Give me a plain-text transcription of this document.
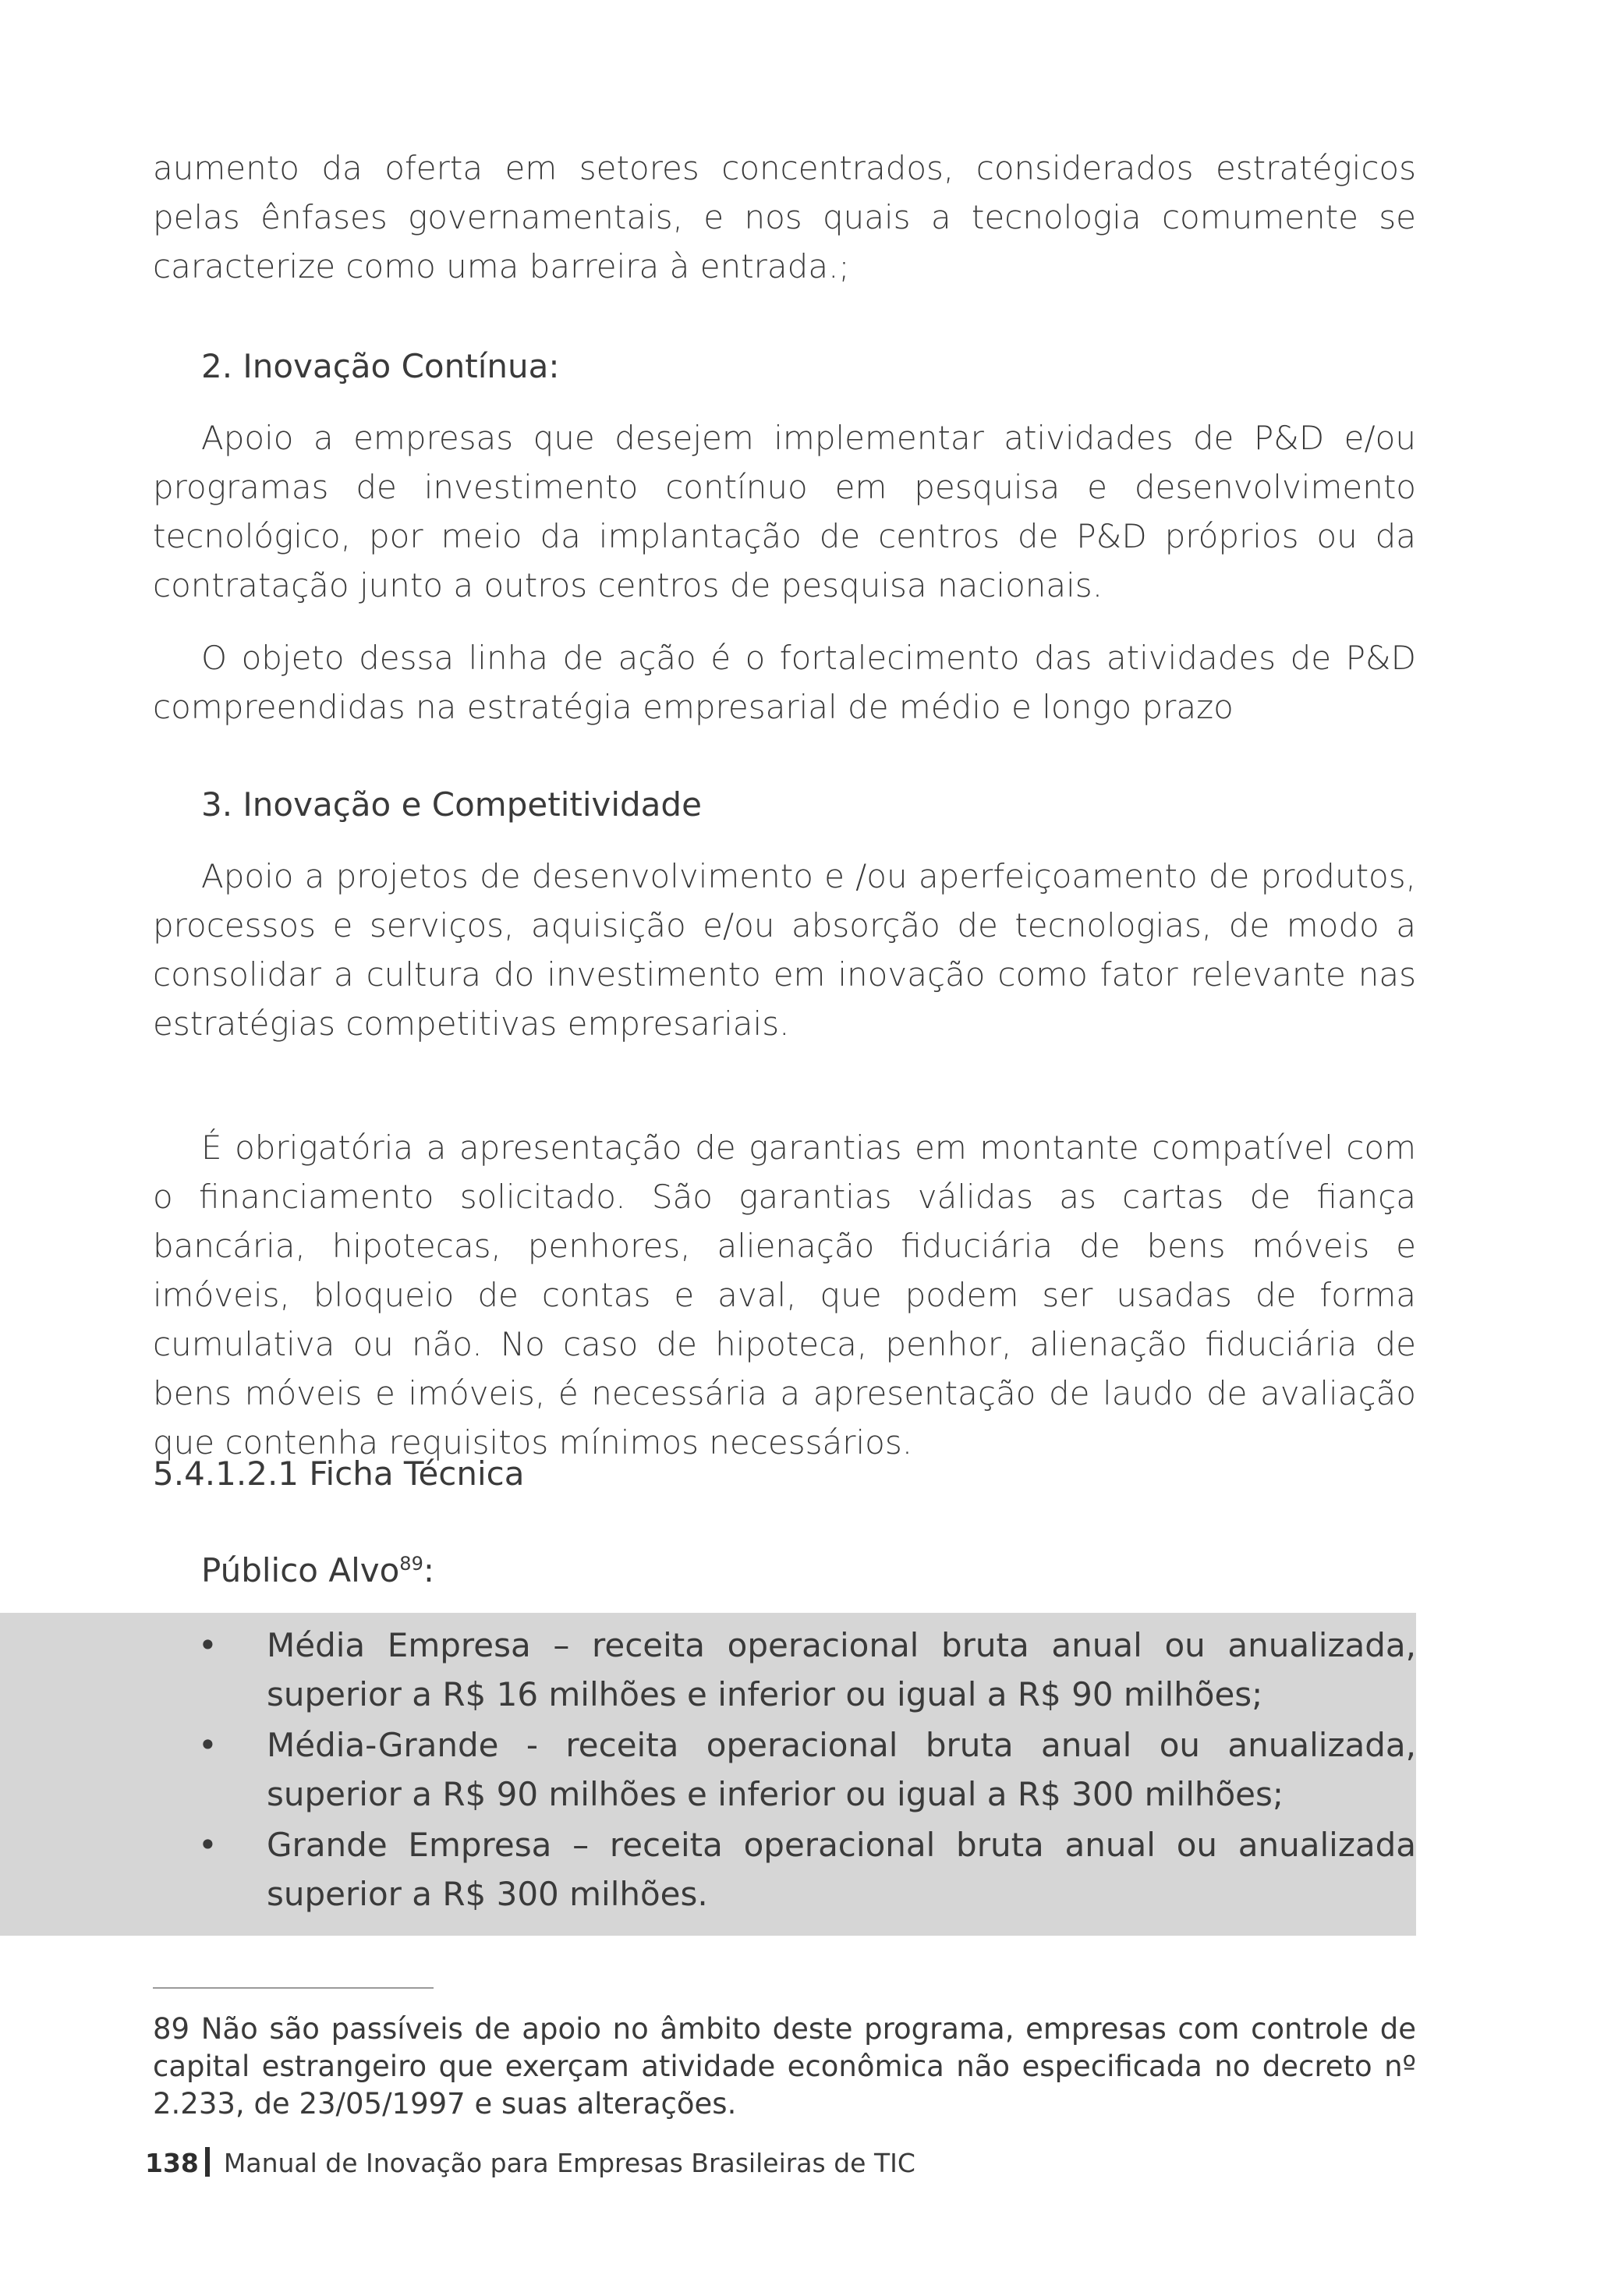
aumento da oferta em setores concentrados, considerados estratégicos pelas ênfases governamentais, e nos quais a tecnologia comumente se caracterize como uma barreira à entrada.;

2. Inovação Contínua:

Apoio a empresas que desejem implementar atividades de P&D e/ou programas de investimento contínuo em pesquisa e desenvolvimento tecnológico, por meio da implantação de centros de P&D próprios ou da contratação junto a outros centros de pesquisa nacionais.

O objeto dessa linha de ação é o fortalecimento das atividades de P&D compreendidas na estratégia empresarial de médio e longo prazo

3. Inovação e Competitividade

Apoio a projetos de desenvolvimento e /ou aperfeiçoamento de produtos, processos e serviços, aquisição e/ou absorção de tecnologias, de modo a consolidar a cultura do investimento em inovação como fator relevante nas estratégias competitivas empresariais.

É obrigatória a apresentação de garantias em montante compatível com o financiamento solicitado. São garantias válidas as cartas de fiança bancária, hipotecas, penhores, alienação fiduciária de bens móveis e imóveis, bloqueio de contas e aval, que podem ser usadas de forma cumulativa ou não. No caso de hipoteca, penhor, alienação fiduciária de bens móveis e imóveis, é necessária a apresentação de laudo de avaliação que contenha requisitos mínimos necessários.

5.4.1.2.1 Ficha Técnica

Público Alvo$^{89}$:

•	Média Empresa – receita operacional bruta anual ou anualizada, superior a R$ 16 milhões e inferior ou igual a R$ 90 milhões;
•	Média-Grande - receita operacional bruta anual ou anualizada, superior a R$ 90 milhões e inferior ou igual a R$ 300 milhões;
•	Grande Empresa – receita operacional bruta anual ou anualizada superior a R$ 300 milhões.

89 Não são passíveis de apoio no âmbito deste programa, empresas com controle de capital estrangeiro que exerçam atividade econômica não especificada no decreto nº 2.233, de 23/05/1997 e suas alterações.

138 Manual de Inovação para Empresas Brasileiras de TIC
